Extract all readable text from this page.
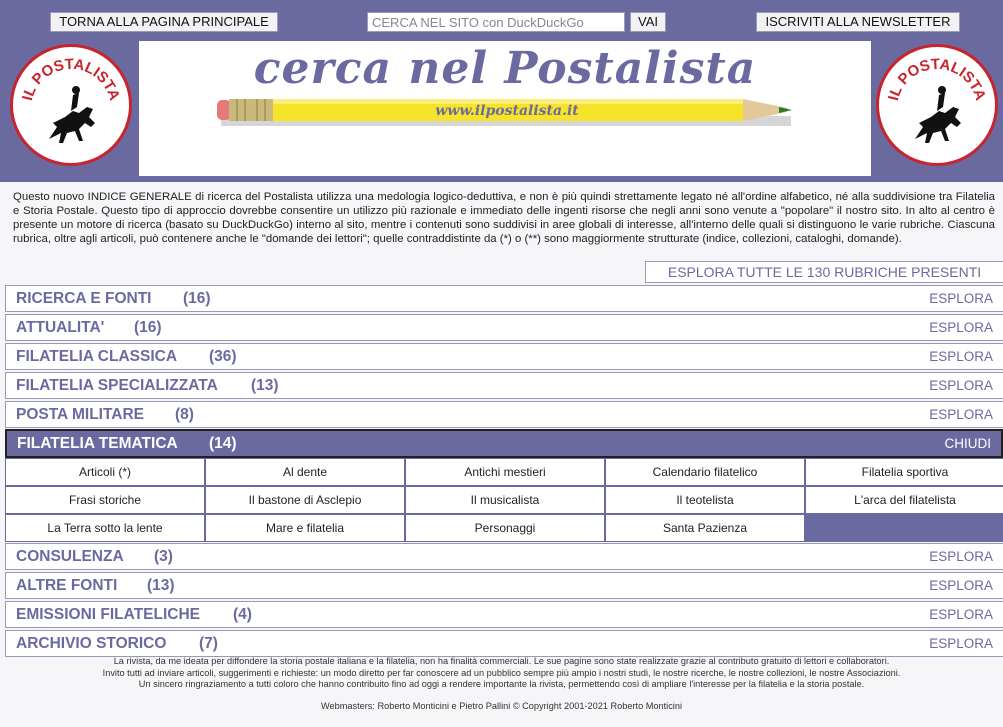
TORNA ALLA PAGINA PRINCIPALE
CERCA NEL SITO con DuckDuckGo	VAI	ISCRIVITI ALLA NEWSLETTER
IL POSTALISTA
cerca nel Postalista
www.ilpostalista.it
IL POSTALISTA
Questo nuovo INDICE GENERALE di ricerca del Postalista utilizza una medologia logico-deduttiva, e non è più quindi strettamente legato né all'ordine alfabetico, né alla suddivisione tra Filatelia e Storia Postale. Questo tipo di approccio dovrebbe consentire un utilizzo più razionale e immediato delle ingenti risorse che negli anni sono venute a "popolare" il nostro sito. In alto al centro è presente un motore di ricerca (basato su DuckDuckGo) interno al sito, mentre i contenuti sono suddivisi in aree globali di interesse, all'interno delle quali si distinguono le varie rubriche. Ciascuna rubrica, oltre agli articoli, può contenere anche le "domande dei lettori"; quelle contraddistinte da (*) o (**) sono maggiormente strutturate (indice, collezioni, cataloghi, domande).
ESPLORA TUTTE LE 130 RUBRICHE PRESENTI
RICERCA E FONTI (16)	ESPLORA
ATTUALITA' (16)	ESPLORA
FILATELIA CLASSICA (36)	ESPLORA
FILATELIA SPECIALIZZATA (13)	ESPLORA
POSTA MILITARE (8)	ESPLORA
FILATELIA TEMATICA (14)	CHIUDI
Articoli (*)	Al dente	Antichi mestieri	Calendario filatelico	Filatelia sportiva
Frasi storiche	Il bastone di Asclepio	Il musicalista	Il teotelista	L'arca del filatelista
La Terra sotto la lente	Mare e filatelia	Personaggi	Santa Pazienza
CONSULENZA (3)	ESPLORA
ALTRE FONTI (13)	ESPLORA
EMISSIONI FILATELICHE (4)	ESPLORA
ARCHIVIO STORICO (7)	ESPLORA
La rivista, da me ideata per diffondere la storia postale italiana e la filatelia, non ha finalità commerciali. Le sue pagine sono state realizzate grazie al contributo gratuito di lettori e collaboratori.
Invito tutti ad inviare articoli, suggerimenti e richieste: un modo diretto per far conoscere ad un pubblico sempre più ampio i nostri studi, le nostre ricerche, le nostre collezioni, le nostre Associazioni.
Un sincero ringraziamento a tutti coloro che hanno contribuito fino ad oggi a rendere importante la rivista, permettendo così di ampliare l'interesse per la filatelia e la storia postale.
Webmasters: Roberto Monticini e Pietro Pallini © Copyright 2001-2021 Roberto Monticini
